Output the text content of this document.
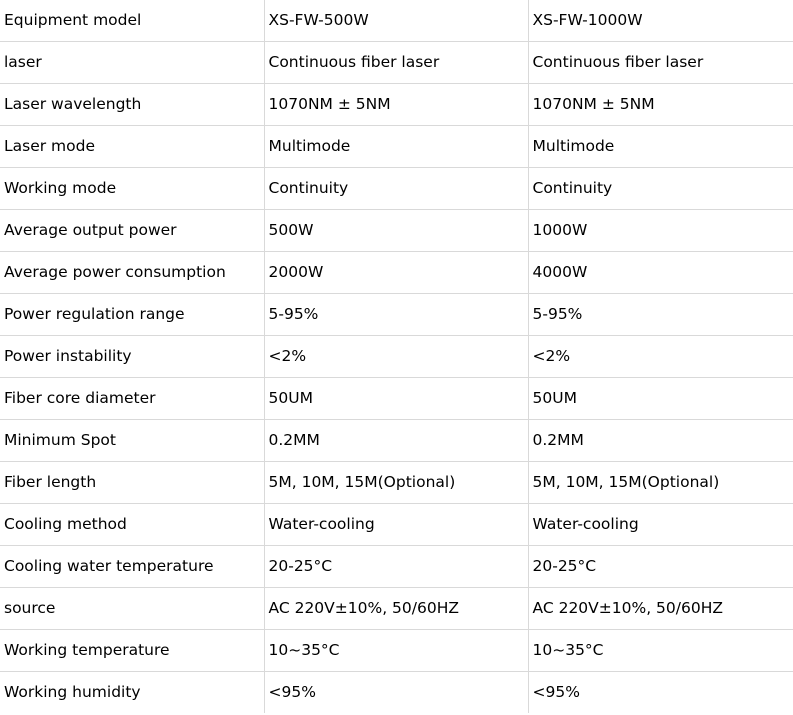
Equipment model	XS-FW-500W	XS-FW-1000W
laser	Continuous fiber laser	Continuous fiber laser
Laser wavelength	1070NM ± 5NM	1070NM ± 5NM
Laser mode	Multimode	Multimode
Working mode	Continuity	Continuity
Average output power	500W	1000W
Average power consumption	2000W	4000W
Power regulation range	5-95%	5-95%
Power instability	<2%	<2%
Fiber core diameter	50UM	50UM
Minimum Spot	0.2MM	0.2MM
Fiber length	5M, 10M, 15M(Optional)	5M, 10M, 15M(Optional)
Cooling method	Water-cooling	Water-cooling
Cooling water temperature	20-25°C	20-25°C
source	AC 220V±10%, 50/60HZ	AC 220V±10%, 50/60HZ
Working temperature	10~35°C	10~35°C
Working humidity	<95%	<95%
